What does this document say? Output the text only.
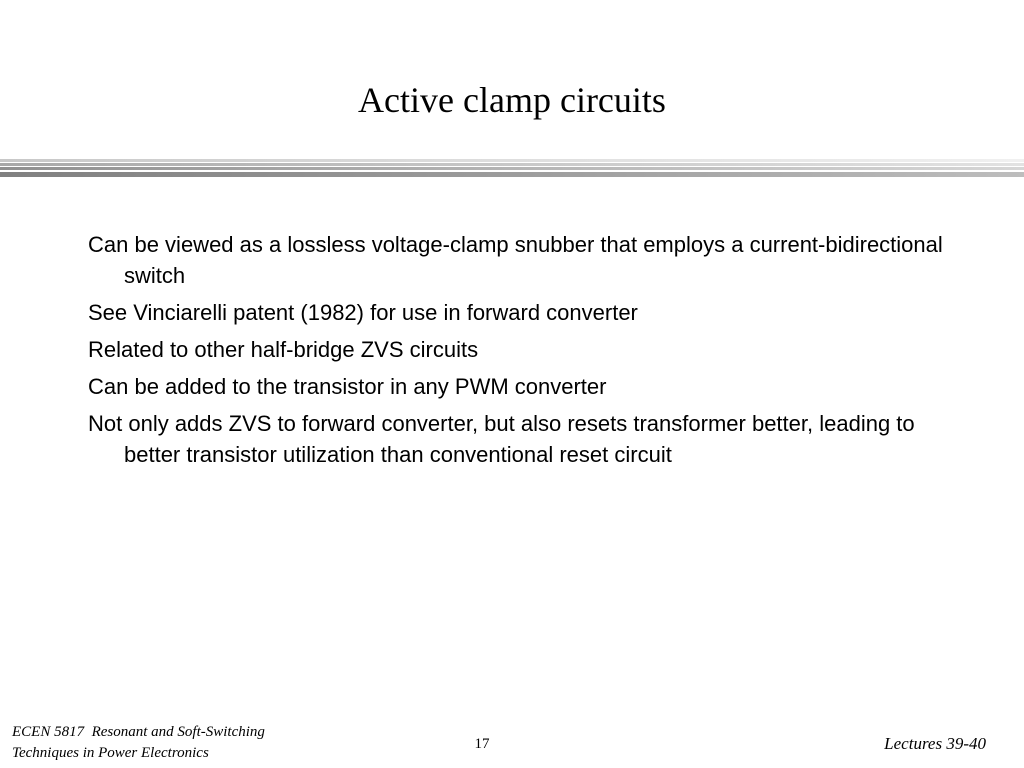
Active clamp circuits
Can be viewed as a lossless voltage-clamp snubber that employs a current-bidirectional switch
See Vinciarelli patent (1982) for use in forward converter
Related to other half-bridge ZVS circuits
Can be added to the transistor in any PWM converter
Not only adds ZVS to forward converter, but also resets transformer better, leading to better transistor utilization than conventional reset circuit
ECEN 5817  Resonant and Soft-Switching
Techniques in Power Electronics
17	Lectures 39-40
